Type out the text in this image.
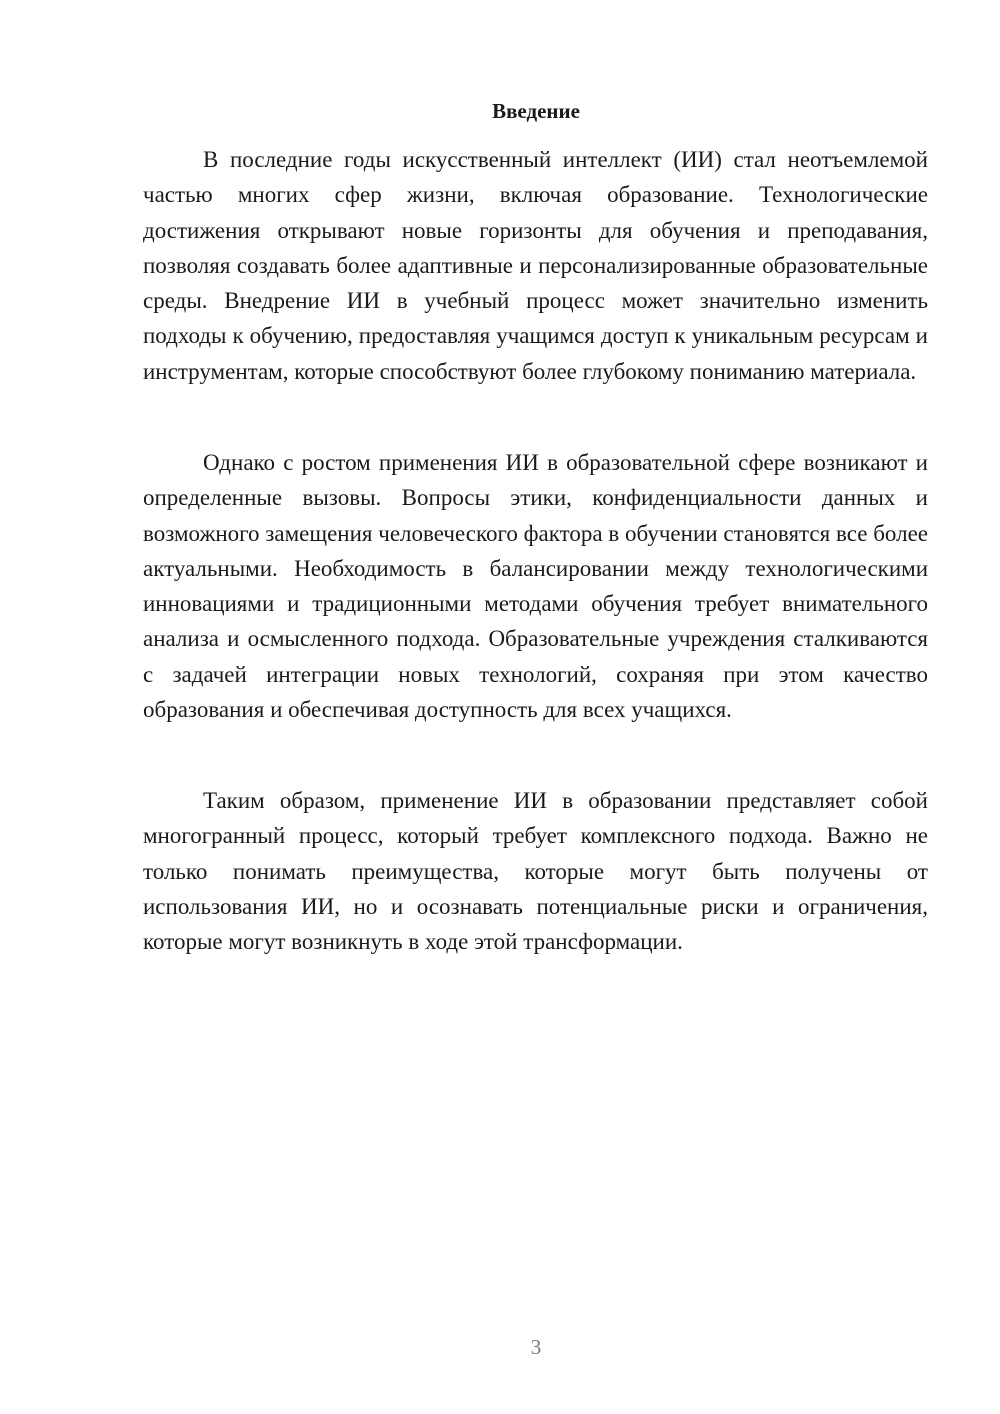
Введение

В последние годы искусственный интеллект (ИИ) стал неотъемлемой частью многих сфер жизни, включая образование. Технологические достижения открывают новые горизонты для обучения и преподавания, позволяя создавать более адаптивные и персонализированные образовательные среды. Внедрение ИИ в учебный процесс может значительно изменить подходы к обучению, предоставляя учащимся доступ к уникальным ресурсам и инструментам, которые способствуют более глубокому пониманию материала.

Однако с ростом применения ИИ в образовательной сфере возникают и определенные вызовы. Вопросы этики, конфиденциальности данных и возможного замещения человеческого фактора в обучении становятся все более актуальными. Необходимость в балансировании между технологическими инновациями и традиционными методами обучения требует внимательного анализа и осмысленного подхода. Образовательные учреждения сталкиваются с задачей интеграции новых технологий, сохраняя при этом качество образования и обеспечивая доступность для всех учащихся.

Таким образом, применение ИИ в образовании представляет собой многогранный процесс, который требует комплексного подхода. Важно не только понимать преимущества, которые могут быть получены от использования ИИ, но и осознавать потенциальные риски и ограничения, которые могут возникнуть в ходе этой трансформации.

3
